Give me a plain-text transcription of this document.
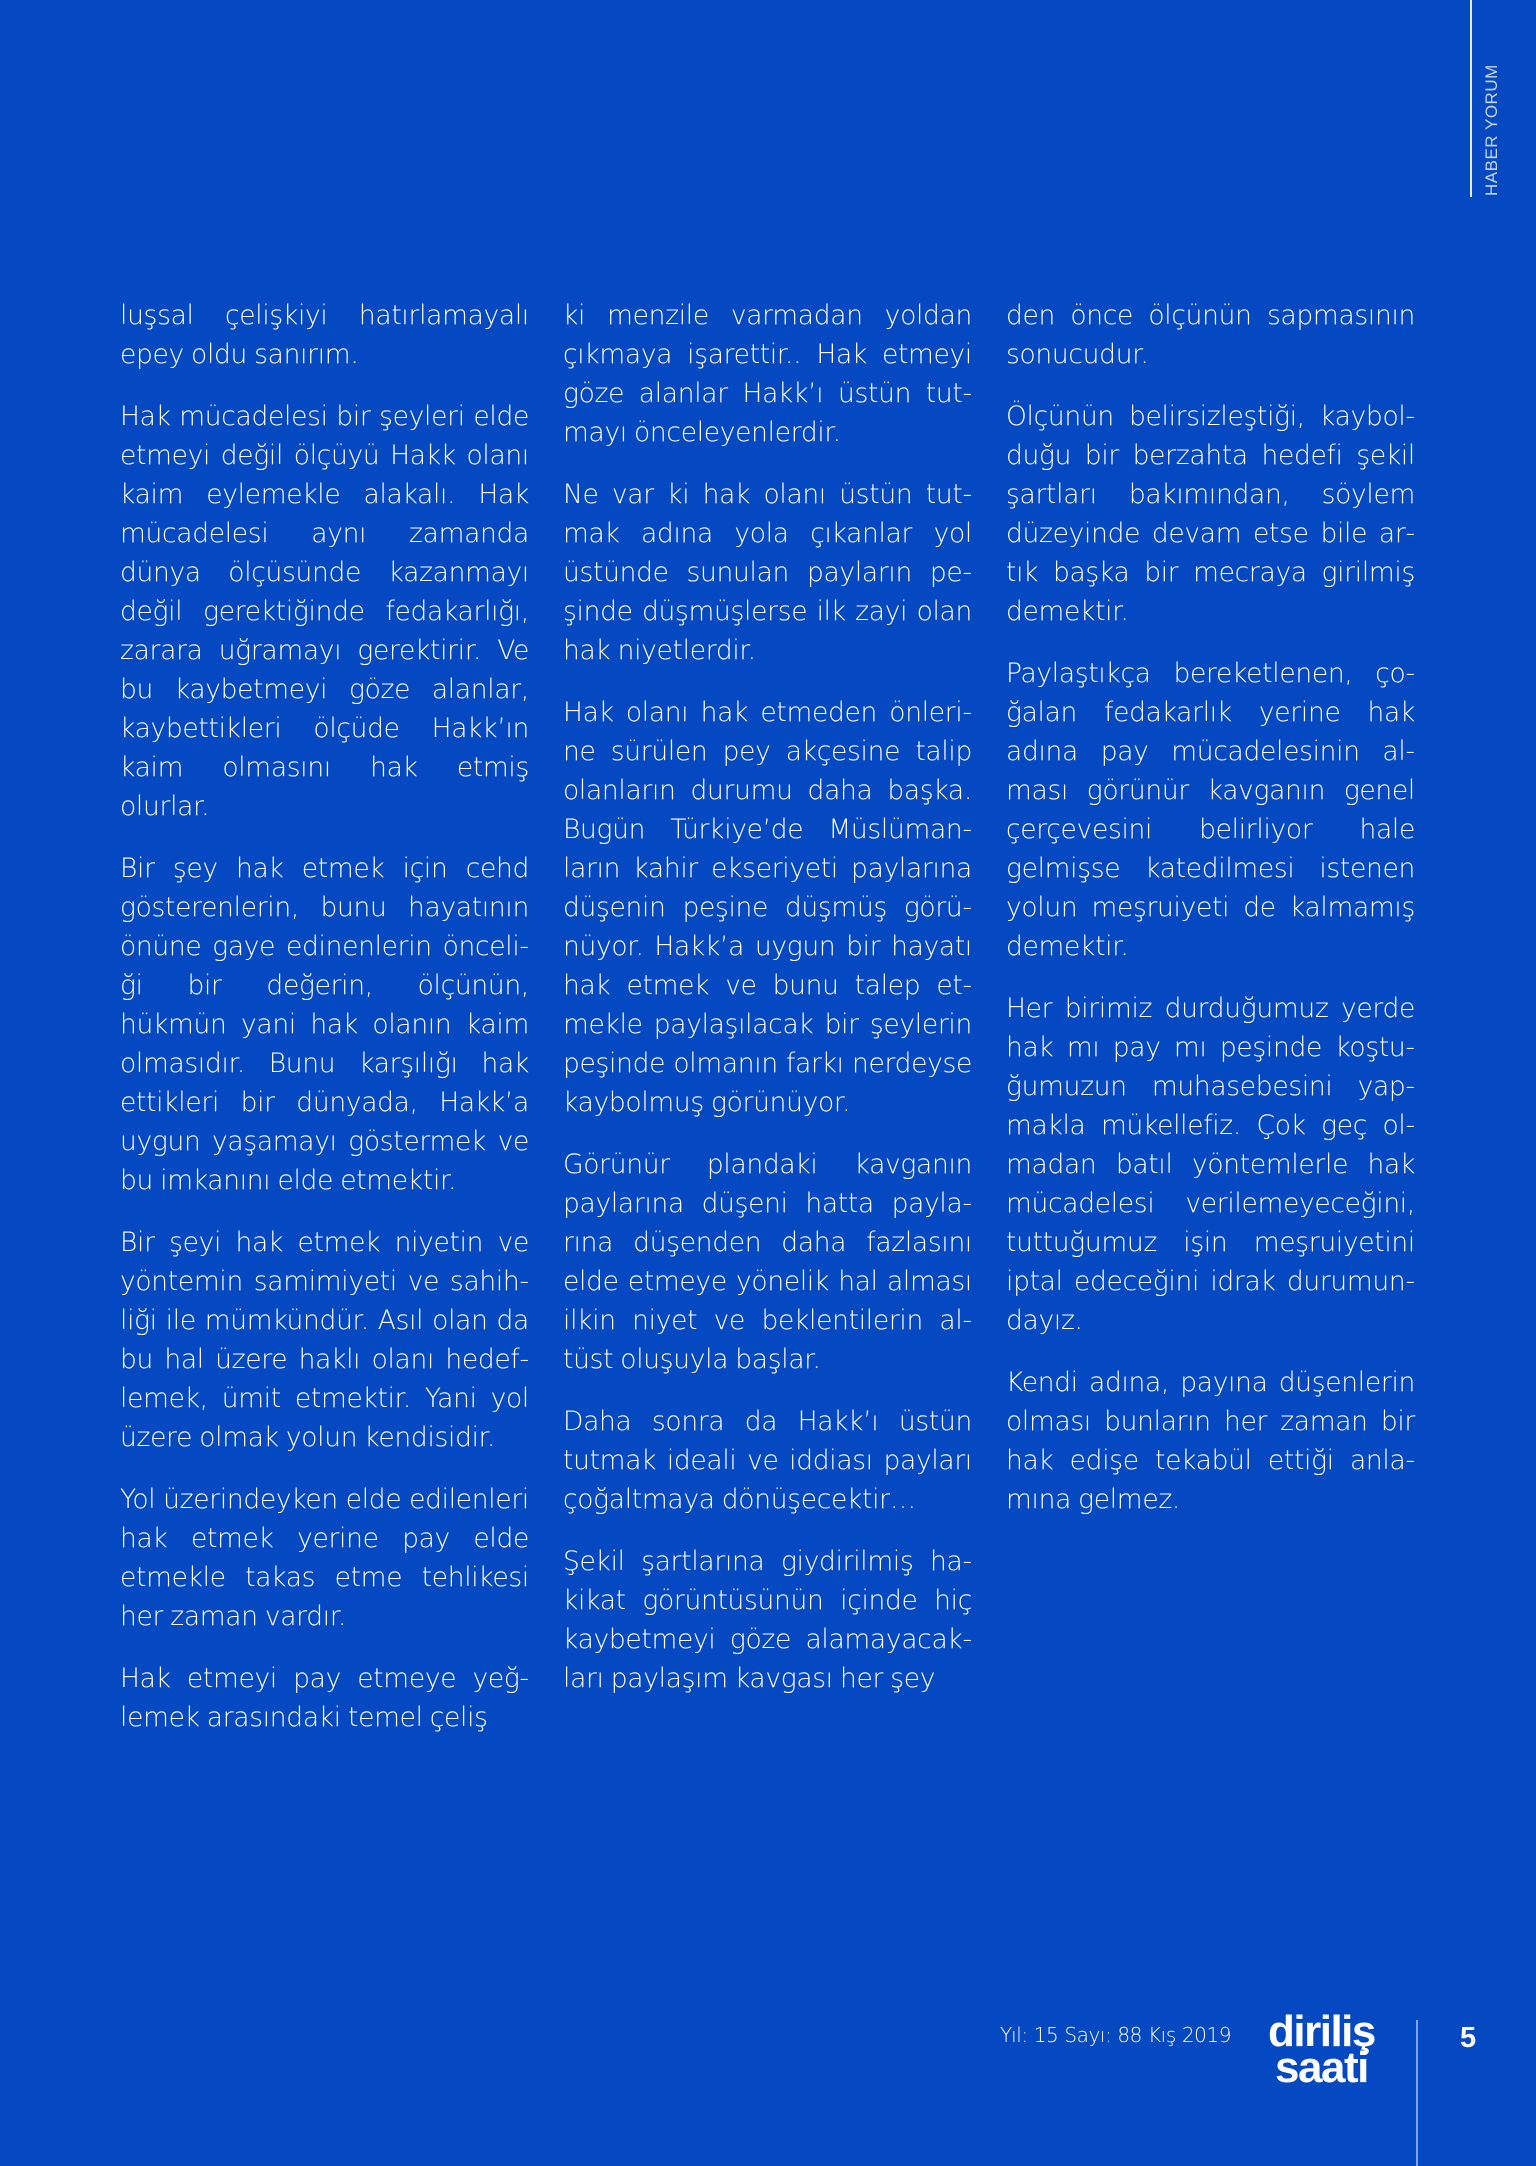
HABER YORUM

luşsal çelişkiyi hatırlamayalı epey oldu sanırım.

Hak mücadelesi bir şeyleri elde etmeyi değil ölçüyü Hakk olanı kaim eylemekle alakalı. Hak mücadelesi aynı zamanda dünya ölçüsünde kazanmayı değil gerektiğinde fedakarlığı, zarara uğramayı gerektirir. Ve bu kaybetmeyi göze alanlar, kaybettikleri ölçüde Hakk’ın kaim olmasını hak etmiş olurlar.

Bir şey hak etmek için cehd gösterenlerin, bunu hayatının önüne gaye edinenlerin önceliği bir değerin, ölçünün, hükmün yani hak olanın kaim olmasıdır. Bunu karşılığı hak ettikleri bir dünyada, Hakk’a uygun yaşamayı göstermek ve bu imkanını elde etmektir.

Bir şeyi hak etmek niyetin ve yöntemin samimiyeti ve sahihliği ile mümkündür. Asıl olan da bu hal üzere haklı olanı hedeflemek, ümit etmektir. Yani yol üzere olmak yolun kendisidir.

Yol üzerindeyken elde edilenleri hak etmek yerine pay elde etmekle takas etme tehlikesi her zaman vardır.

Hak etmeyi pay etmeye yeğlemek arasındaki temel çeliş

ki menzile varmadan yoldan çıkmaya işarettir.. Hak etmeyi göze alanlar Hakk’ı üstün tutmayı önceleyenlerdir.

Ne var ki hak olanı üstün tutmak adına yola çıkanlar yol üstünde sunulan payların peşinde düşmüşlerse ilk zayi olan hak niyetlerdir.

Hak olanı hak etmeden önlerine sürülen pey akçesine talip olanların durumu daha başka. Bugün Türkiye’de Müslümanların kahir ekseriyeti paylarına düşenin peşine düşmüş görünüyor. Hakk’a uygun bir hayatı hak etmek ve bunu talep etmekle paylaşılacak bir şeylerin peşinde olmanın farkı nerdeyse kaybolmuş görünüyor.

Görünür plandaki kavganın paylarına düşeni hatta paylarına düşenden daha fazlasını elde etmeye yönelik hal alması ilkin niyet ve beklentilerin altüst oluşuyla başlar.

Daha sonra da Hakk’ı üstün tutmak ideali ve iddiası payları çoğaltmaya dönüşecektir…

Şekil şartlarına giydirilmiş hakikat görüntüsünün içinde hiç kaybetmeyi göze alamayacakları paylaşım kavgası her şey

den önce ölçünün sapmasının sonucudur.

Ölçünün belirsizleştiği, kaybolduğu bir berzahta hedefi şekil şartları bakımından, söylem düzeyinde devam etse bile artık başka bir mecraya girilmiş demektir.

Paylaştıkça bereketlenen, çoğalan fedakarlık yerine hak adına pay mücadelesinin alması görünür kavganın genel çerçevesini belirliyor hale gelmişse katedilmesi istenen yolun meşruiyeti de kalmamış demektir.

Her birimiz durduğumuz yerde hak mı pay mı peşinde koştuğumuzun muhasebesini yapmakla mükellefiz. Çok geç olmadan batıl yöntemlerle hak mücadelesi verilemeyeceğini, tuttuğumuz işin meşruiyetini iptal edeceğini idrak durumundayız.

Kendi adına, payına düşenlerin olması bunların her zaman bir hak edişe tekabül ettiği anlamına gelmez.

Yıl: 15 Sayı: 88 Kış 2019 diriliş
saati
5
